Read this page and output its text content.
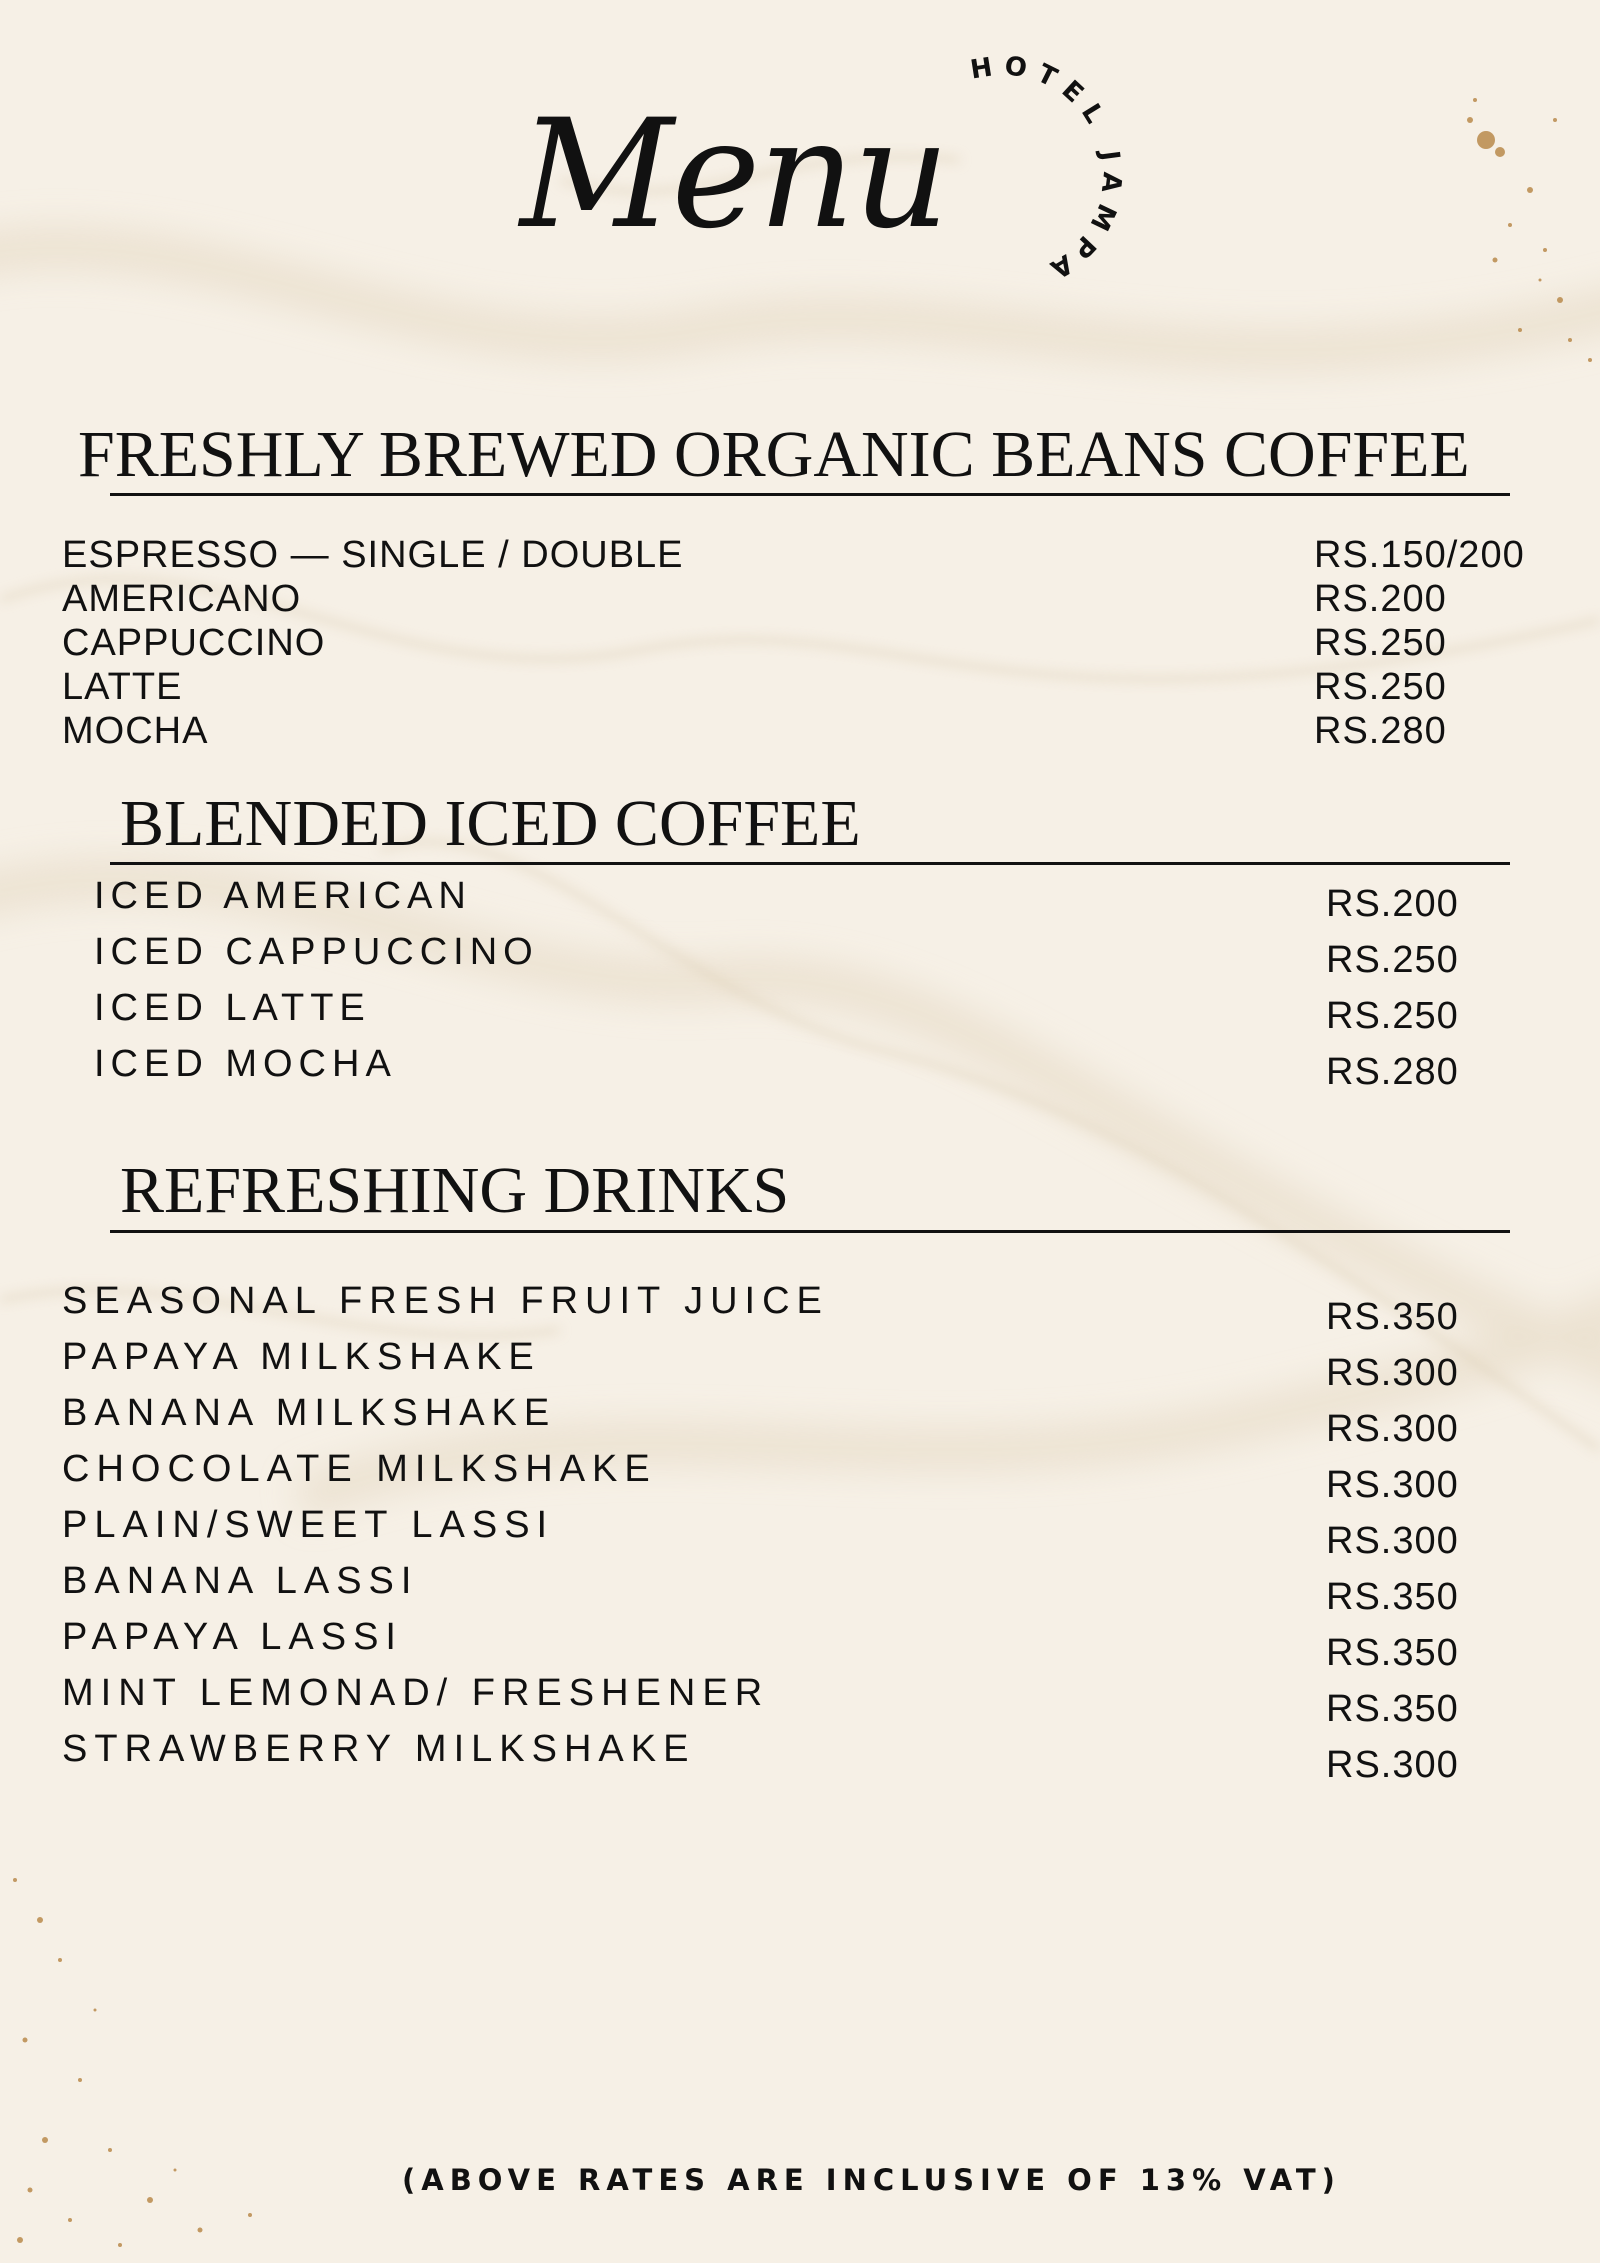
Menu
HOTEL JAMPA
FRESHLY BREWED ORGANIC BEANS COFFEE
ESPRESSO — SINGLE / DOUBLE	RS.150/200
AMERICANO	RS.200
CAPPUCCINO	RS.250
LATTE	RS.250
MOCHA	RS.280
BLENDED ICED COFFEE
ICED AMERICAN	RS.200
ICED CAPPUCCINO	RS.250
ICED LATTE	RS.250
ICED MOCHA	RS.280
REFRESHING DRINKS
SEASONAL FRESH FRUIT JUICE	RS.350
PAPAYA MILKSHAKE	RS.300
BANANA MILKSHAKE	RS.300
CHOCOLATE MILKSHAKE	RS.300
PLAIN/SWEET LASSI	RS.300
BANANA LASSI	RS.350
PAPAYA LASSI	RS.350
MINT LEMONAD/ FRESHENER	RS.350
STRAWBERRY MILKSHAKE	RS.300
(ABOVE RATES ARE INCLUSIVE OF 13% VAT)
